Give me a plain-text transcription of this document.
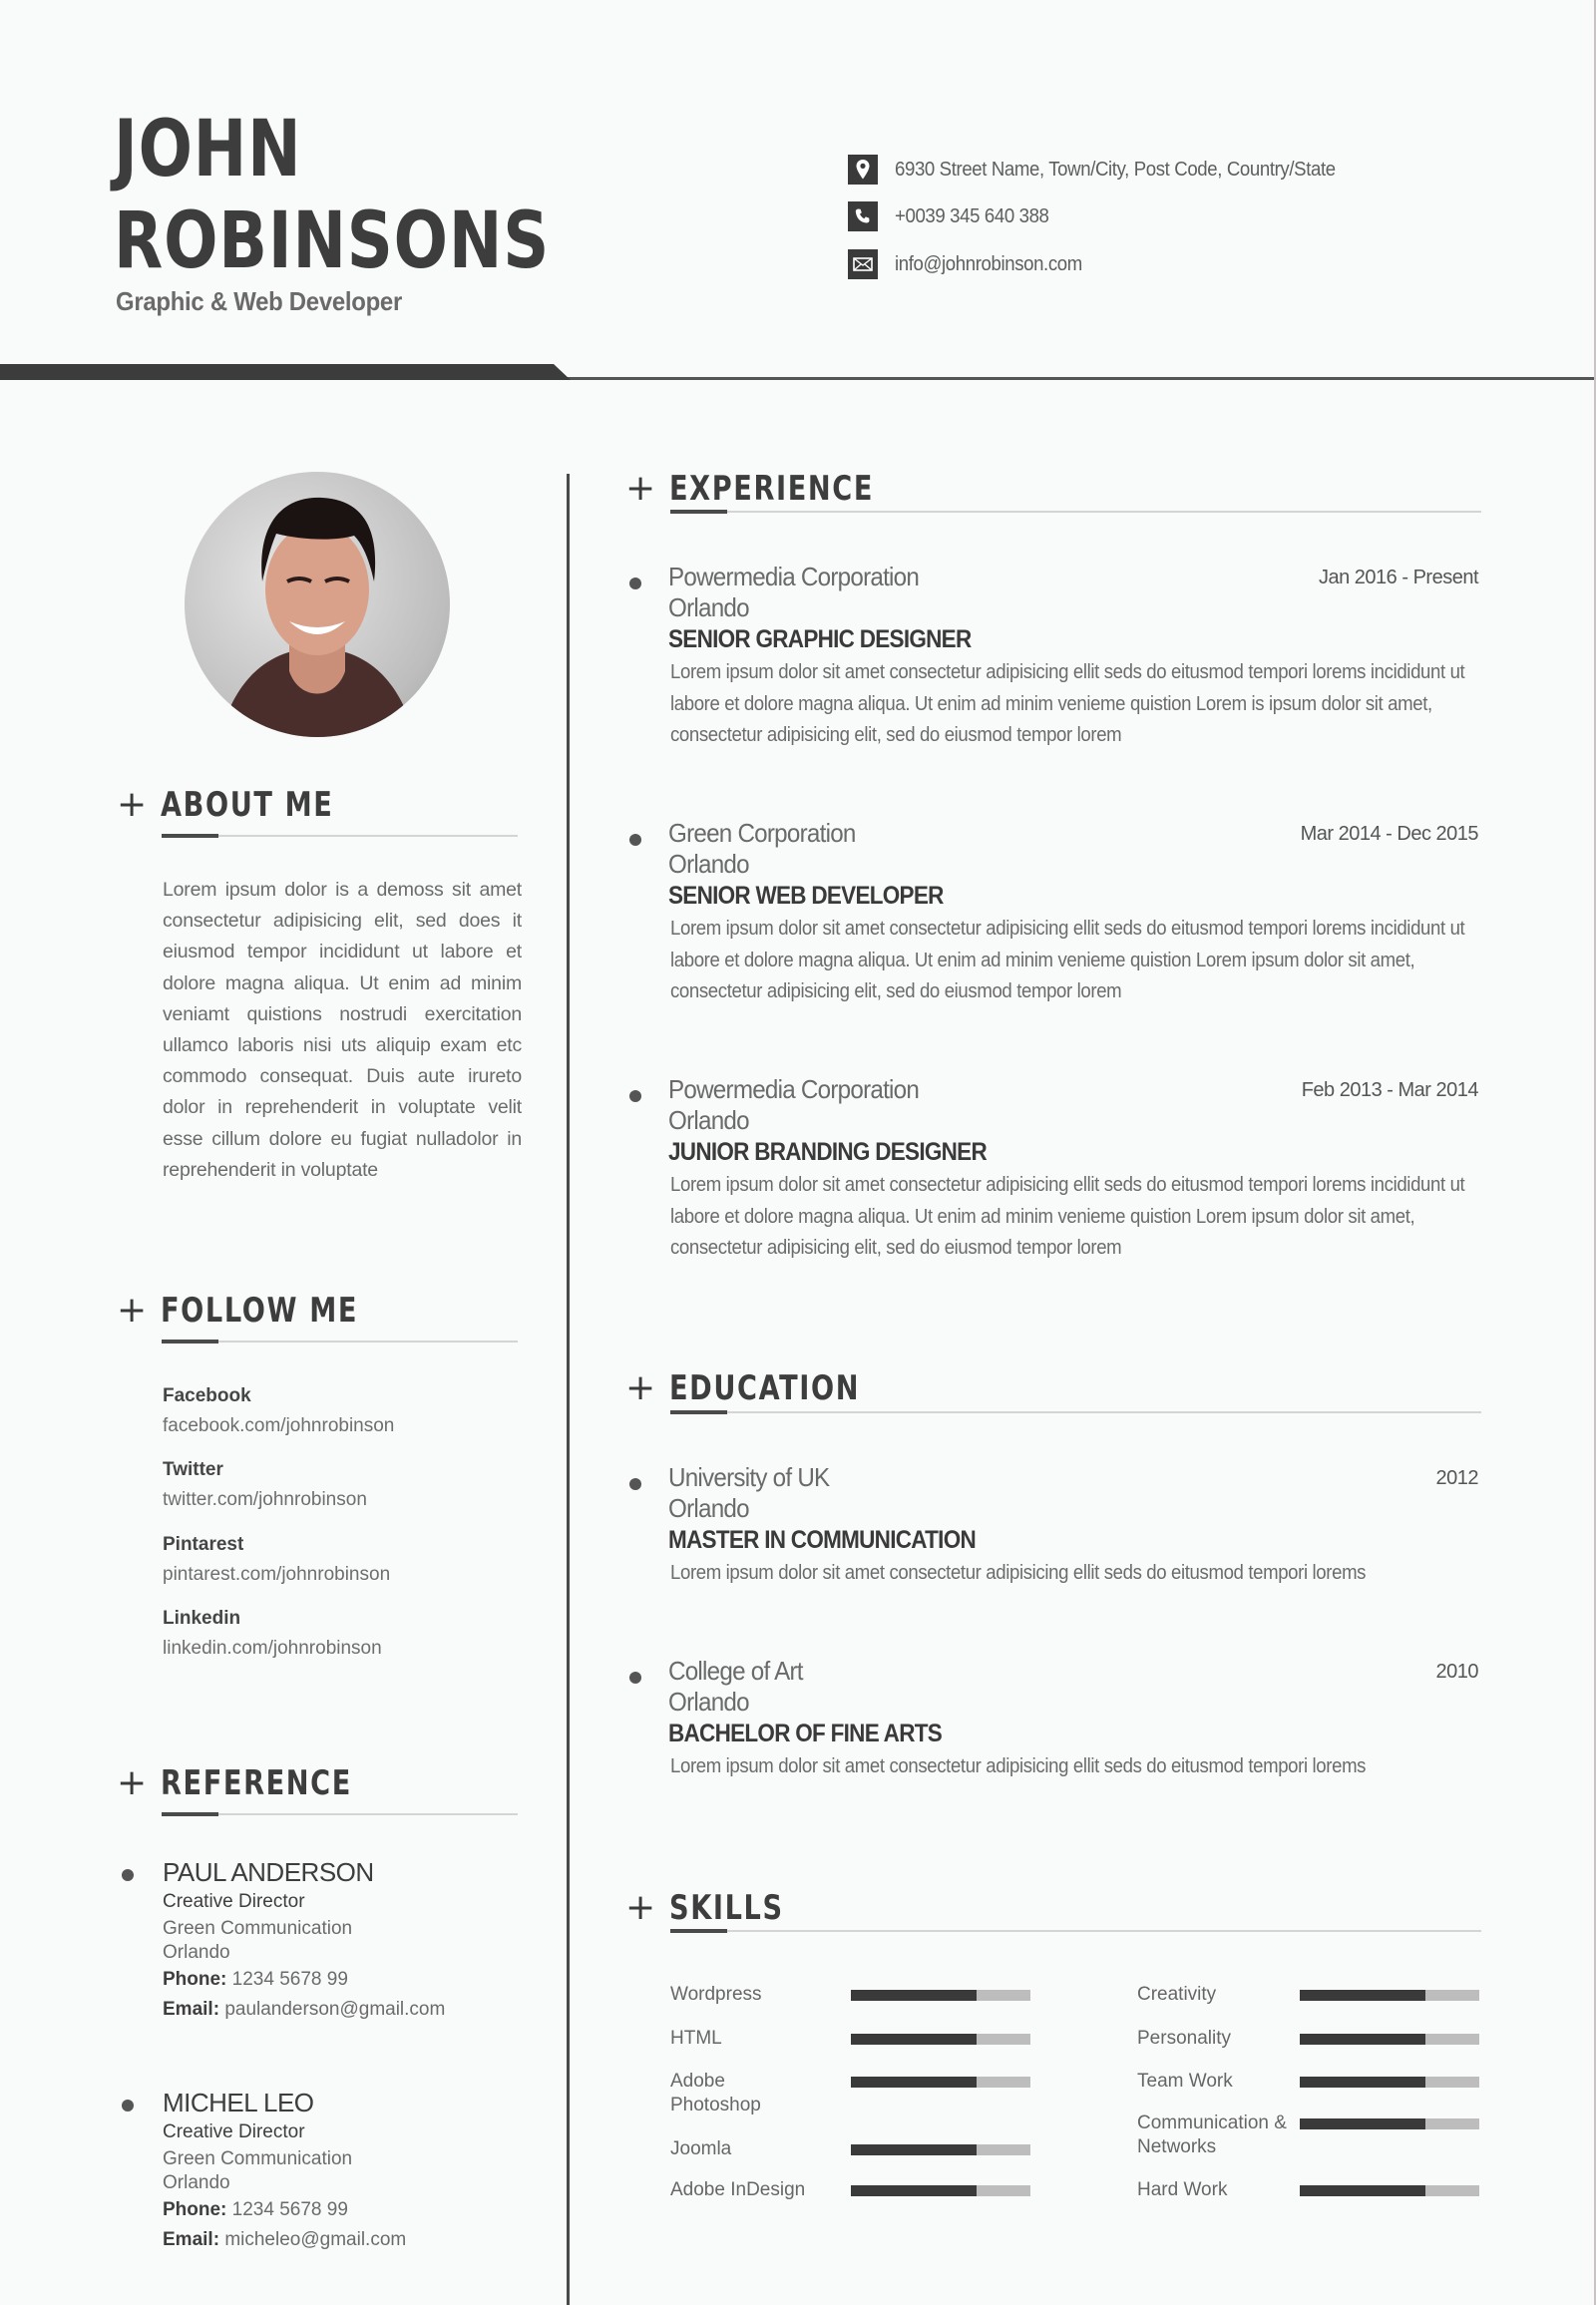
JOHN
ROBINSONS
Graphic & Web Developer
6930 Street Name, Town/City, Post Code, Country/State
+0039 345 640 388
info@johnrobinson.com
+ ABOUT ME
Lorem ipsum dolor is a demoss sit amet consectetur adipisicing elit, sed does it eiusmod tempor incididunt ut labore et dolore magna aliqua. Ut enim ad minim veniamt quistions nostrudi exercitation ullamco laboris nisi uts aliquip exam etc commodo consequat. Duis aute irureto dolor in reprehenderit in voluptate velit esse cillum dolore eu fugiat nulladolor in reprehenderit in voluptate
+ FOLLOW ME
Facebook
facebook.com/johnrobinson
Twitter
twitter.com/johnrobinson
Pintarest
pintarest.com/johnrobinson
Linkedin
linkedin.com/johnrobinson
+ REFERENCE
PAUL ANDERSON
Creative Director
Green Communication
Orlando
Phone: 1234 5678 99
Email: paulanderson@gmail.com
MICHEL LEO
Creative Director
Green Communication
Orlando
Phone: 1234 5678 99
Email: micheleo@gmail.com
+ EXPERIENCE
Powermedia Corporation
Orlando
Jan 2016 - Present
SENIOR GRAPHIC DESIGNER
Lorem ipsum dolor sit amet consectetur adipisicing ellit seds do eitusmod tempori lorems incididunt ut labore et dolore magna aliqua. Ut enim ad minim venieme quistion Lorem is ipsum dolor sit amet, consectetur adipisicing elit, sed do eiusmod tempor lorem
Green Corporation
Orlando
Mar 2014 - Dec 2015
SENIOR WEB DEVELOPER
Lorem ipsum dolor sit amet consectetur adipisicing ellit seds do eitusmod tempori lorems incididunt ut labore et dolore magna aliqua. Ut enim ad minim venieme quistion Lorem ipsum dolor sit amet, consectetur adipisicing elit, sed do eiusmod tempor lorem
Powermedia Corporation
Orlando
Feb 2013 - Mar 2014
JUNIOR BRANDING DESIGNER
Lorem ipsum dolor sit amet consectetur adipisicing ellit seds do eitusmod tempori lorems incididunt ut labore et dolore magna aliqua. Ut enim ad minim venieme quistion Lorem ipsum dolor sit amet, consectetur adipisicing elit, sed do eiusmod tempor lorem
+ EDUCATION
University of UK
Orlando
2012
MASTER IN COMMUNICATION
Lorem ipsum dolor sit amet consectetur adipisicing ellit seds do eitusmod tempori lorems
College of Art
Orlando
2010
BACHELOR OF FINE ARTS
Lorem ipsum dolor sit amet consectetur adipisicing ellit seds do eitusmod tempori lorems
+ SKILLS
Wordpress
HTML
Adobe Photoshop
Joomla
Adobe InDesign
Creativity
Personality
Team Work
Communication & Networks
Hard Work
